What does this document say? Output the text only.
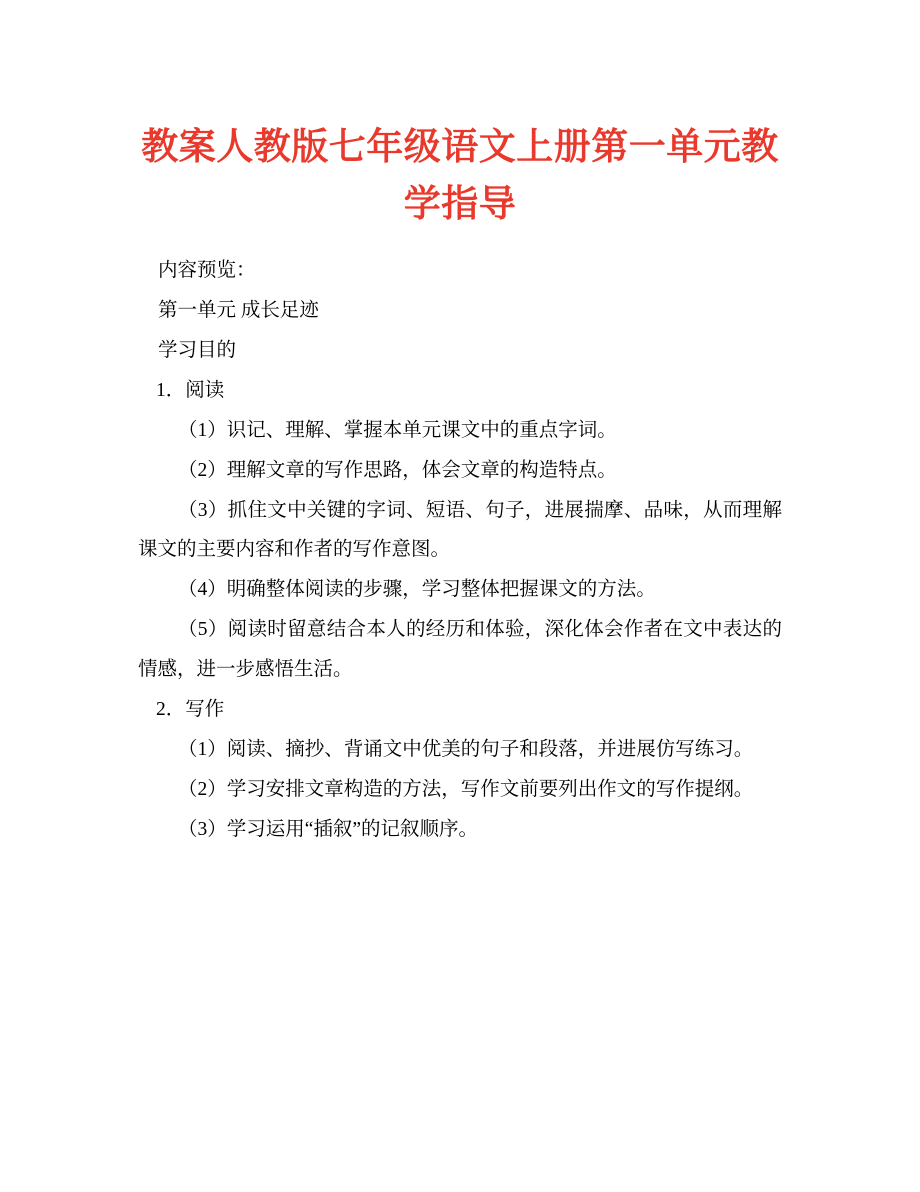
教案人教版七年级语文上册第一单元教学指导

内容预览：

第一单元 成长足迹

学习目的

1．阅读

（1）识记、理解、掌握本单元课文中的重点字词。

（2）理解文章的写作思路，体会文章的构造特点。

（3）抓住文中关键的字词、短语、句子，进展揣摩、品味，从而理解课文的主要内容和作者的写作意图。

（4）明确整体阅读的步骤，学习整体把握课文的方法。

（5）阅读时留意结合本人的经历和体验，深化体会作者在文中表达的情感，进一步感悟生活。

2．写作

（1）阅读、摘抄、背诵文中优美的句子和段落，并进展仿写练习。

（2）学习安排文章构造的方法，写作文前要列出作文的写作提纲。

（3）学习运用“插叙”的记叙顺序。
